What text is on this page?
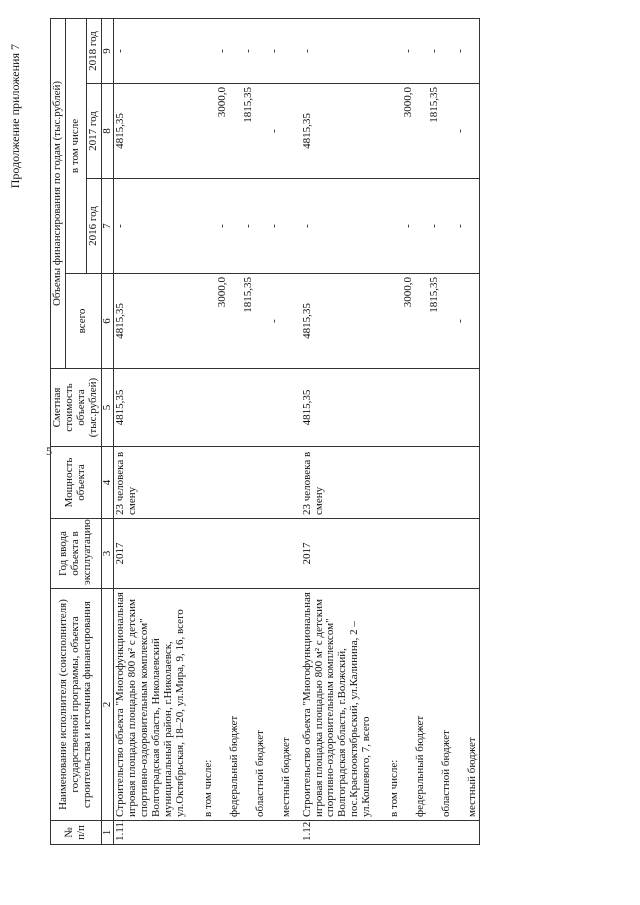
5
Продолжение приложения 7
№ п/п	Наименование исполнителя (соисполнителя) государственной программы, объекта строительства и источника финансирования	Год ввода объекта в эксплуатацию	Мощность объекта	Сметная стоимость объекта (тыс.рублей)	Объемы финансирования по годам (тыс.рублей)			
					всего	в том числе		
						2016 год	2017 год	2018 год
1	2	3	4	5	6	7	8	9
1.11.	Строительство объекта "Многофункциональная игровая площадка площадью 800 м² с детским спортивно-оздоровительным комплексом" Волгоградская область, Николаевский муниципальный район, г.Николаевск, ул.Октябрьская, 18–20, ул.Мира, 9, 16, всего	2017	23 человека в смену	4815,35	4815,35	-	4815,35	-
	в том числе:							
	федеральный бюджет				3000,0	-	3000,0	-
	областной бюджет				1815,35	-	1815,35	-
	местный бюджет				-	-	-	-
1.12.	Строительство объекта "Многофункциональная игровая площадка площадью 800 м² с детским спортивно-оздоровительным комплексом" Волгоградская область, г.Волжский, пос.Краснооктябрьский, ул.Калинина, 2 – ул.Кошевого, 7, всего	2017	23 человека в смену	4815,35	4815,35	-	4815,35	-
	в том числе:							
	федеральный бюджет				3000,0	-	3000,0	-
	областной бюджет				1815,35	-	1815,35	-
	местный бюджет				-	-	-	-
